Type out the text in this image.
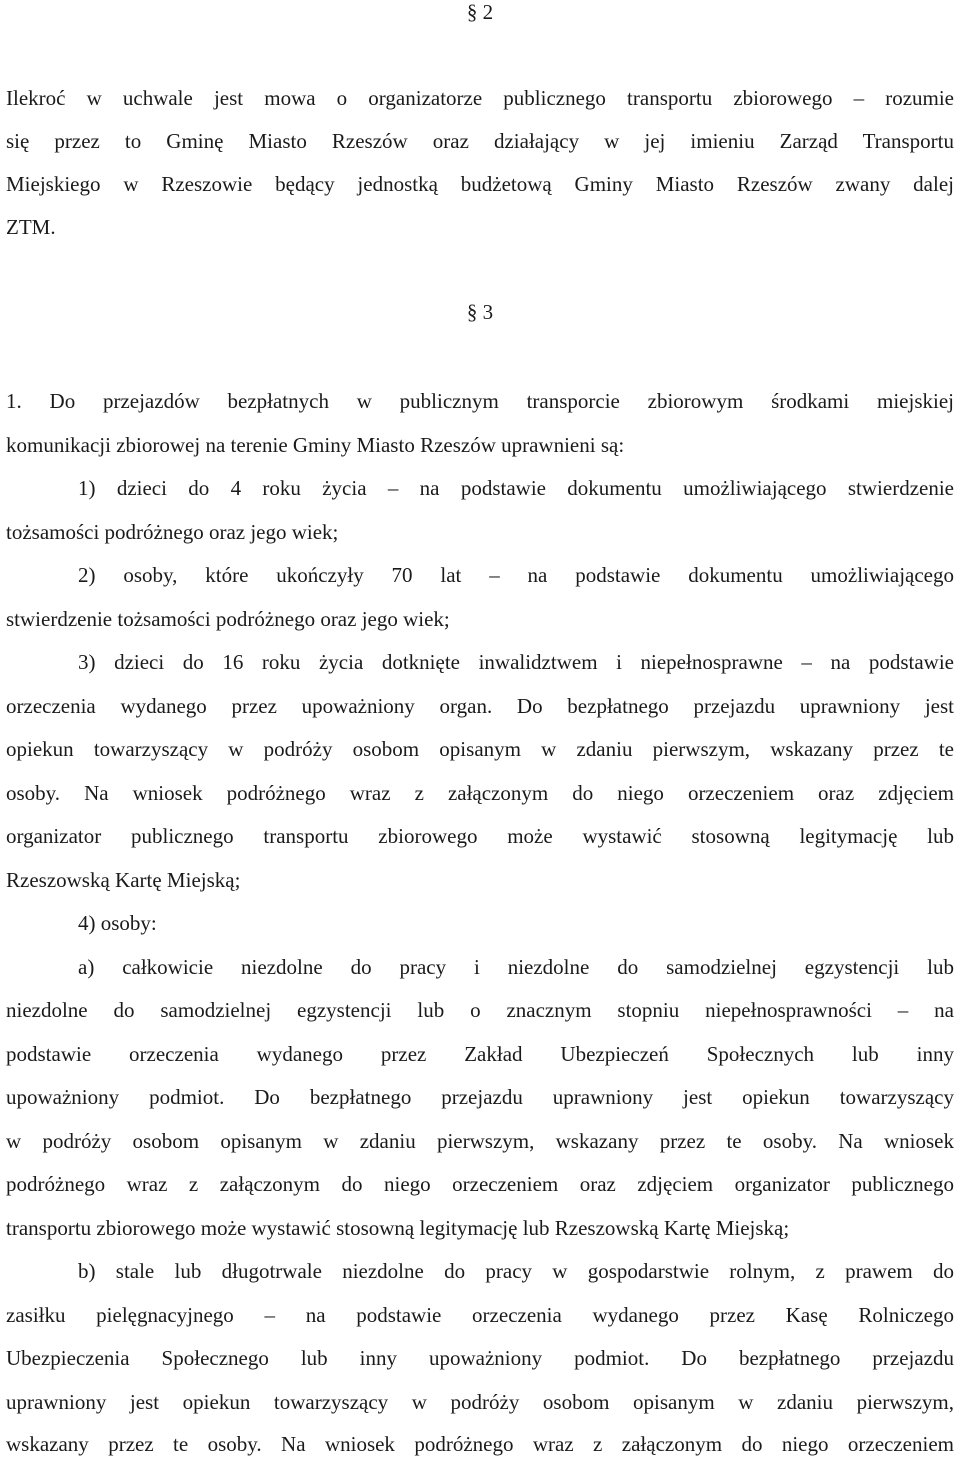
§ 2
Ilekroć w uchwale jest mowa o organizatorze publicznego transportu zbiorowego – rozumie
się przez to Gminę Miasto Rzeszów oraz działający w jej imieniu Zarząd Transportu
Miejskiego w Rzeszowie będący jednostką budżetową Gminy Miasto Rzeszów zwany dalej
ZTM.
§ 3
1. Do przejazdów bezpłatnych w publicznym transporcie zbiorowym środkami miejskiej
komunikacji zbiorowej na terenie Gminy Miasto Rzeszów uprawnieni są:
1) dzieci do 4 roku życia – na podstawie dokumentu umożliwiającego stwierdzenie
tożsamości podróżnego oraz jego wiek;
2) osoby, które ukończyły 70 lat – na podstawie dokumentu umożliwiającego
stwierdzenie tożsamości podróżnego oraz jego wiek;
3) dzieci do 16 roku życia dotknięte inwalidztwem i niepełnosprawne – na podstawie
orzeczenia wydanego przez upoważniony organ. Do bezpłatnego przejazdu uprawniony jest
opiekun towarzyszący w podróży osobom opisanym w zdaniu pierwszym, wskazany przez te
osoby. Na wniosek podróżnego wraz z załączonym do niego orzeczeniem oraz zdjęciem
organizator publicznego transportu zbiorowego może wystawić stosowną legitymację lub
Rzeszowską Kartę Miejską;
4) osoby:
a) całkowicie niezdolne do pracy i niezdolne do samodzielnej egzystencji lub
niezdolne do samodzielnej egzystencji lub o znacznym stopniu niepełnosprawności – na
podstawie orzeczenia wydanego przez Zakład Ubezpieczeń Społecznych lub inny
upoważniony podmiot. Do bezpłatnego przejazdu uprawniony jest opiekun towarzyszący
w podróży osobom opisanym w zdaniu pierwszym, wskazany przez te osoby. Na wniosek
podróżnego wraz z załączonym do niego orzeczeniem oraz zdjęciem organizator publicznego
transportu zbiorowego może wystawić stosowną legitymację lub Rzeszowską Kartę Miejską;
b) stale lub długotrwale niezdolne do pracy w gospodarstwie rolnym, z prawem do
zasiłku pielęgnacyjnego – na podstawie orzeczenia wydanego przez Kasę Rolniczego
Ubezpieczenia Społecznego lub inny upoważniony podmiot. Do bezpłatnego przejazdu
uprawniony jest opiekun towarzyszący w podróży osobom opisanym w zdaniu pierwszym,
wskazany przez te osoby. Na wniosek podróżnego wraz z załączonym do niego orzeczeniem
